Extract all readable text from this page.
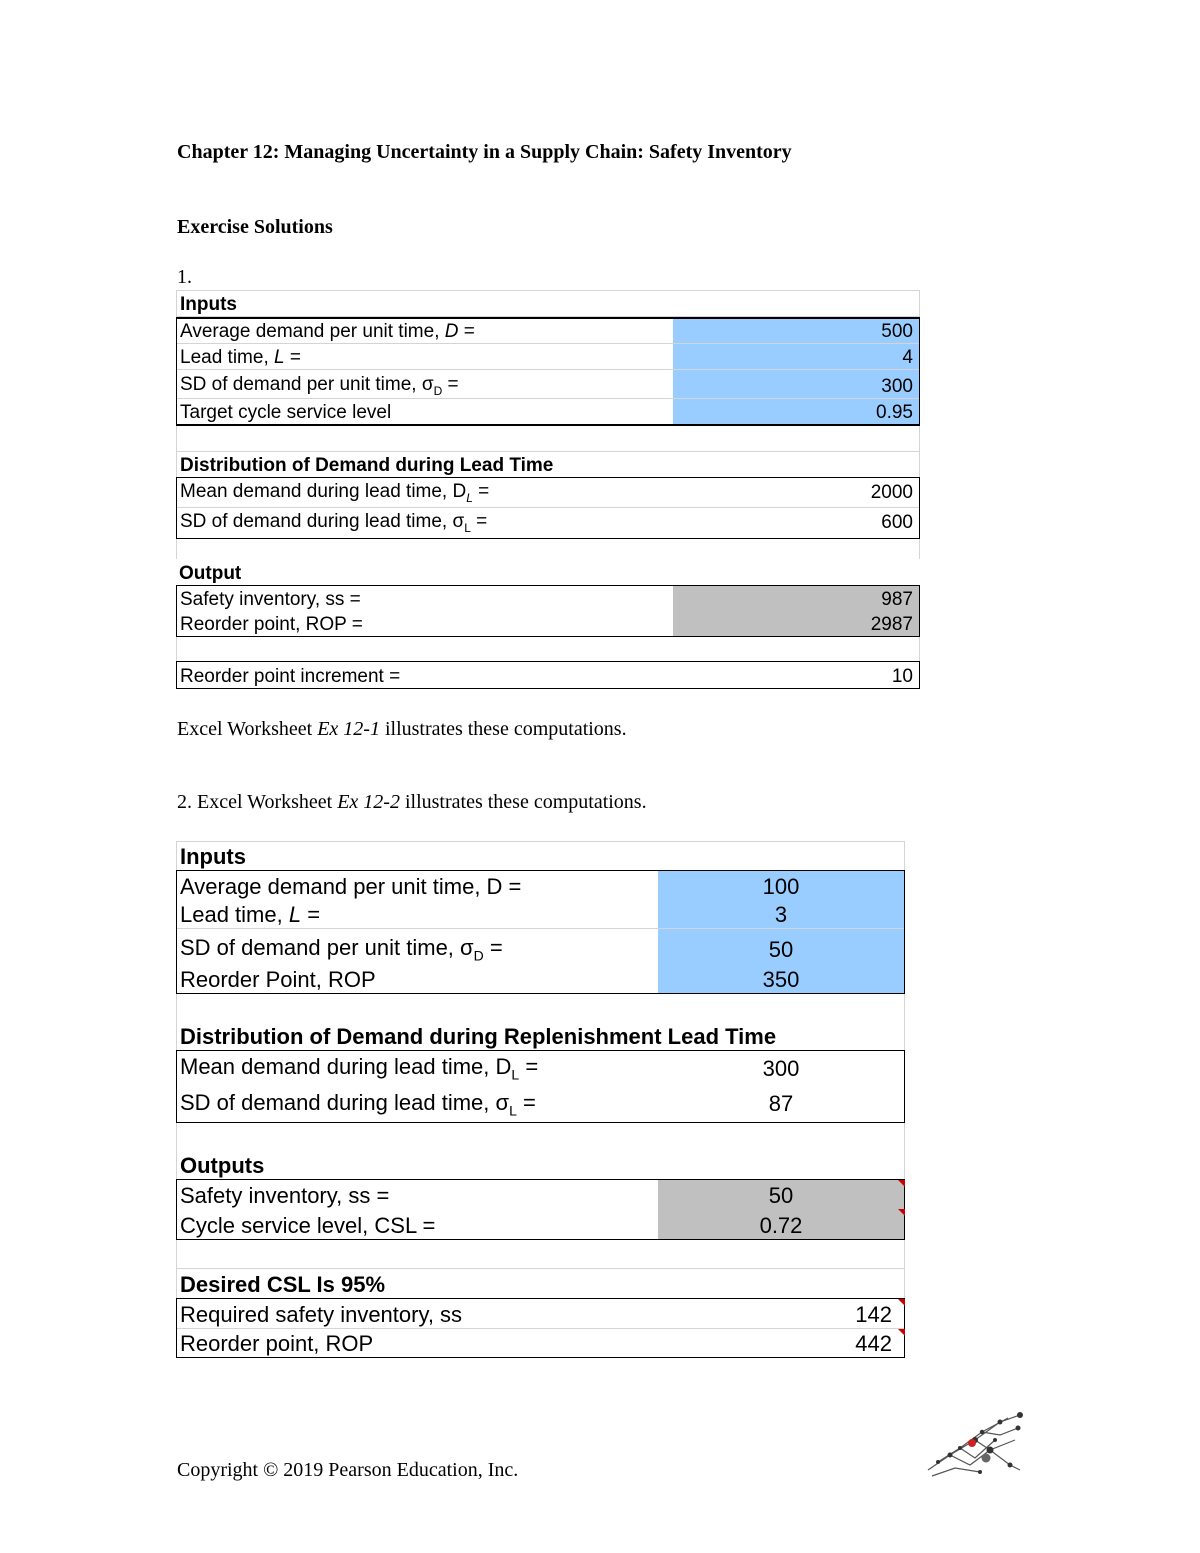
Chapter 12: Managing Uncertainty in a Supply Chain: Safety Inventory
Exercise Solutions
1.
Inputs
Average demand per unit time, D =	500
Lead time, L =	4
SD of demand per unit time, $\sigma_D$ =	300
Target cycle service level	0.95
Distribution of Demand during Lead Time
Mean demand during lead time, $D_L$ =	2000
SD of demand during lead time, $\sigma_L$ =	600
Output
Safety inventory, ss =	987
Reorder point, ROP =	2987
Reorder point increment =	10
Excel Worksheet Ex 12-1 illustrates these computations.
2. Excel Worksheet Ex 12-2 illustrates these computations.
Inputs
Average demand per unit time, D =	100
Lead time, L =	3
SD of demand per unit time, $\sigma_D$ =	50
Reorder Point, ROP	350
Distribution of Demand during Replenishment Lead Time
Mean demand during lead time, $D_L$ =	300
SD of demand during lead time, $\sigma_L$ =	87
Outputs
Safety inventory, ss =	50
Cycle service level, CSL =	0.72
Desired CSL Is 95%
Required safety inventory, ss	142
Reorder point, ROP	442
Copyright © 2019 Pearson Education, Inc.
